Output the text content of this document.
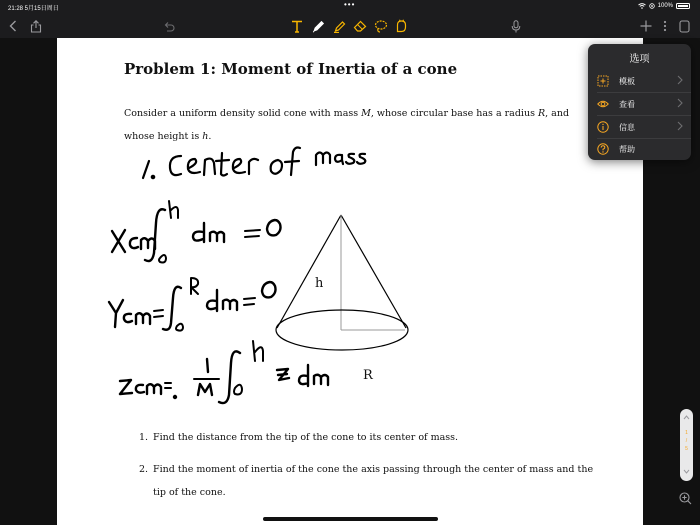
21:28 5月15日周日	•••	100%
Problem 1: Moment of Inertia of a cone
Consider a uniform density solid cone with mass M, whose circular base has a radius R, and whose height is h.
h
R
1. Find the distance from the tip of the cone to its center of mass.
2. Find the moment of inertia of the cone the axis passing through the center of mass and the tip of the cone.
选项
模板
查看
信息
帮助
1
/
5
